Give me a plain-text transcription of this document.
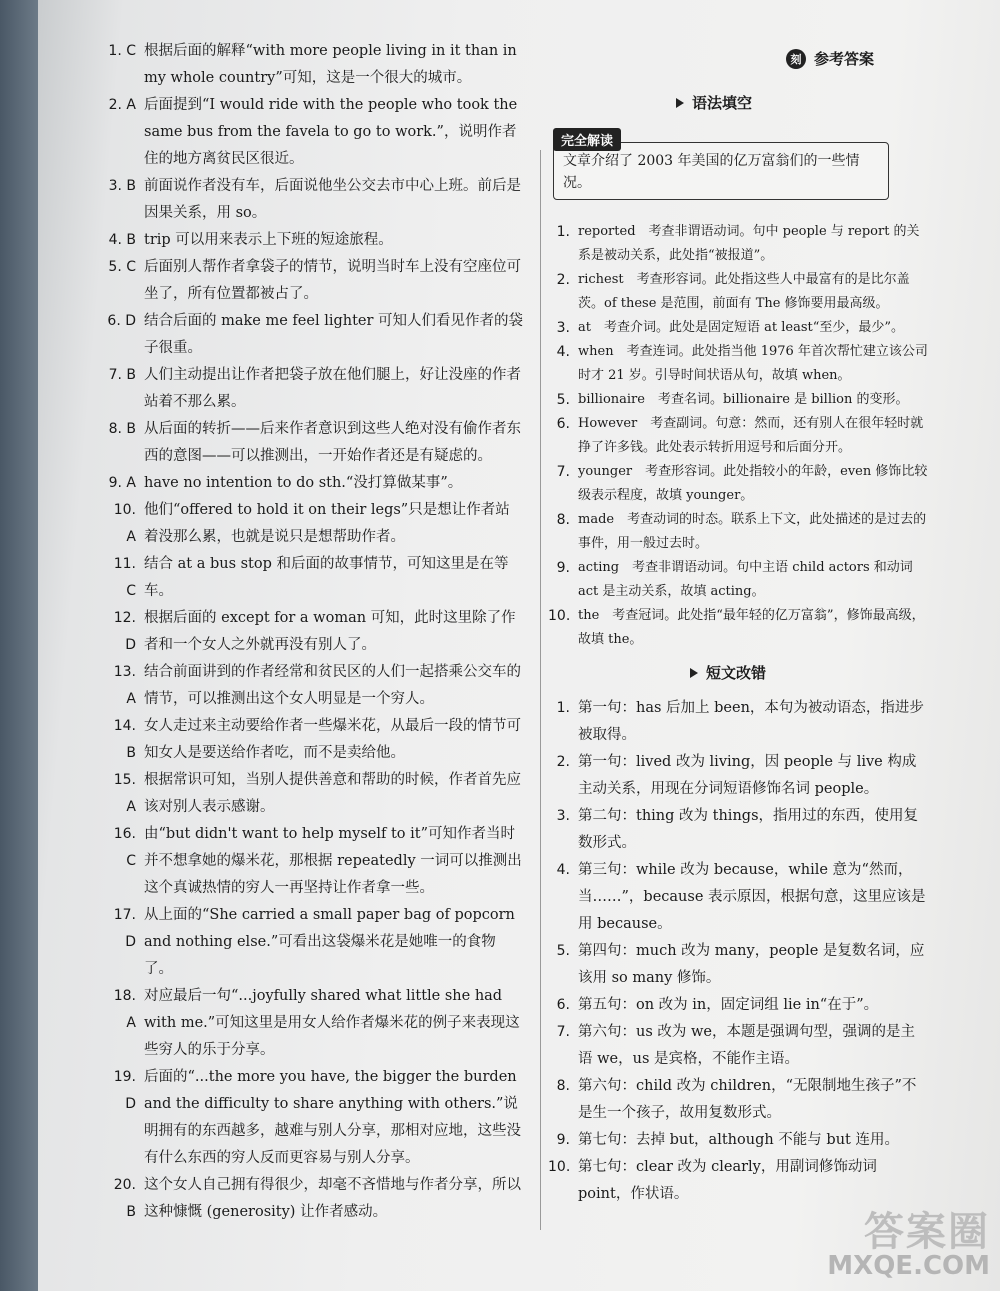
刻 参考答案
1. C 根据后面的解释“with more people living in it than in my whole country”可知，这是一个很大的城市。
2. A 后面提到“I would ride with the people who took the same bus from the favela to go to work.”，说明作者住的地方离贫民区很近。
3. B 前面说作者没有车，后面说他坐公交去市中心上班。前后是因果关系，用 so。
4. B trip 可以用来表示上下班的短途旅程。
5. C 后面别人帮作者拿袋子的情节，说明当时车上没有空座位可坐了，所有位置都被占了。
6. D 结合后面的 make me feel lighter 可知人们看见作者的袋子很重。
7. B 人们主动提出让作者把袋子放在他们腿上，好让没座的作者站着不那么累。
8. B 从后面的转折——后来作者意识到这些人绝对没有偷作者东西的意图——可以推测出，一开始作者还是有疑虑的。
9. A have no intention to do sth.“没打算做某事”。
10. A
他们“offered to hold it on their legs”只是想让作者站着没那么累，也就是说只是想帮助作者。
11. C
结合 at a bus stop 和后面的故事情节，可知这里是在等车。
12. D
根据后面的 except for a woman 可知，此时这里除了作者和一个女人之外就再没有别人了。
13. A
结合前面讲到的作者经常和贫民区的人们一起搭乘公交车的情节，可以推测出这个女人明显是一个穷人。
14. B
女人走过来主动要给作者一些爆米花，从最后一段的情节可知女人是要送给作者吃，而不是卖给他。
15. A
根据常识可知，当别人提供善意和帮助的时候，作者首先应该对别人表示感谢。
16. C
由“but didn't want to help myself to it”可知作者当时并不想拿她的爆米花，那根据 repeatedly 一词可以推测出这个真诚热情的穷人一再坚持让作者拿一些。
17. D
从上面的“She carried a small paper bag of popcorn and nothing else.”可看出这袋爆米花是她唯一的食物了。
18. A
对应最后一句“...joyfully shared what little she had with me.”可知这里是用女人给作者爆米花的例子来表现这些穷人的乐于分享。
19. D
后面的“...the more you have, the bigger the burden and the difficulty to share anything with others.”说明拥有的东西越多，越难与别人分享，那相对应地，这些没有什么东西的穷人反而更容易与别人分享。
20. B
这个女人自己拥有得很少，却毫不吝惜地与作者分享，所以这种慷慨 (generosity) 让作者感动。
语法填空
完全解读
文章介绍了 2003 年美国的亿万富翁们的一些情况。
1. reported　考查非谓语动词。句中 people 与 report 的关系是被动关系，此处指“被报道”。
2. richest　考查形容词。此处指这些人中最富有的是比尔盖茨。of these 是范围，前面有 The 修饰要用最高级。
3. at　考查介词。此处是固定短语 at least“至少，最少”。
4. when　考查连词。此处指当他 1976 年首次帮忙建立该公司时才 21 岁。引导时间状语从句，故填 when。
5. billionaire　考查名词。billionaire 是 billion 的变形。
6. However　考查副词。句意：然而，还有别人在很年轻时就挣了许多钱。此处表示转折用逗号和后面分开。
7. younger　考查形容词。此处指较小的年龄，even 修饰比较级表示程度，故填 younger。
8. made　考查动词的时态。联系上下文，此处描述的是过去的事件，用一般过去时。
9. acting　考查非谓语动词。句中主语 child actors 和动词 act 是主动关系，故填 acting。
10. the　考查冠词。此处指“最年轻的亿万富翁”，修饰最高级，故填 the。
短文改错
1. 第一句：has 后加上 been，本句为被动语态，指进步被取得。
2. 第一句：lived 改为 living，因 people 与 live 构成主动关系，用现在分词短语修饰名词 people。
3. 第二句：thing 改为 things，指用过的东西，使用复数形式。
4. 第三句：while 改为 because，while 意为“然而，当……”，because 表示原因，根据句意，这里应该是用 because。
5. 第四句：much 改为 many，people 是复数名词，应该用 so many 修饰。
6. 第五句：on 改为 in，固定词组 lie in“在于”。
7. 第六句：us 改为 we，本题是强调句型，强调的是主语 we，us 是宾格，不能作主语。
8. 第六句：child 改为 children，“无限制地生孩子”不是生一个孩子，故用复数形式。
9. 第七句：去掉 but，although 不能与 but 连用。
10. 第七句：clear 改为 clearly，用副词修饰动词 point，作状语。
答案圈
MXQE.COM
